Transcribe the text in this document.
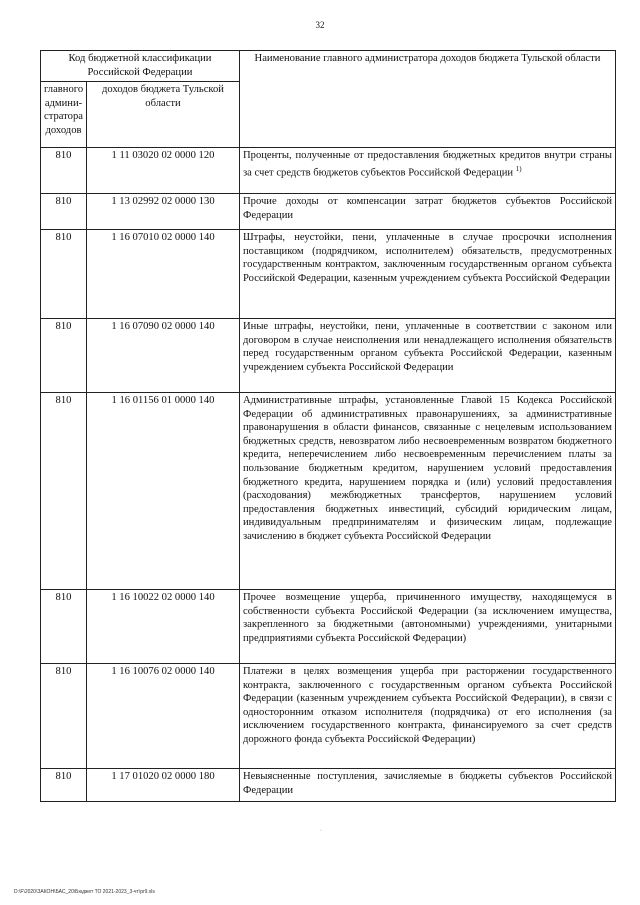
32
Код бюджетной классификации Российской Федерации		Наименование главного администратора доходов бюджета Тульской области
главного админи-стратора доходов	доходов бюджета Тульской области	
810	1 11 03020 02 0000 120	Проценты, полученные от предоставления бюджетных кредитов внутри страны за счет средств бюджетов субъектов Российской Федерации $^{1)}$
810	1 13 02992 02 0000 130	Прочие доходы от компенсации затрат бюджетов субъектов Российской Федерации
810	1 16 07010 02 0000 140	Штрафы, неустойки, пени, уплаченные в случае просрочки исполнения поставщиком (подрядчиком, исполнителем) обязательств, предусмотренных государственным контрактом, заключенным государственным органом субъекта Российской Федерации, казенным учреждением субъекта Российской Федерации
810	1 16 07090 02 0000 140	Иные штрафы, неустойки, пени, уплаченные в соответствии с законом или договором в случае неисполнения или ненадлежащего исполнения обязательств перед государственным органом субъекта Российской Федерации, казенным учреждением субъекта Российской Федерации
810	1 16 01156 01 0000 140	Административные штрафы, установленные Главой 15 Кодекса Российской Федерации об административных правонарушениях, за административные правонарушения в области финансов, связанные с нецелевым использованием бюджетных средств, невозвратом либо несвоевременным возвратом бюджетного кредита, неперечислением либо несвоевременным перечислением платы за пользование бюджетным кредитом, нарушением условий предоставления бюджетного кредита, нарушением порядка и (или) условий предоставления (расходования) межбюджетных трансфертов, нарушением условий предоставления бюджетных инвестиций, субсидий юридическим лицам, индивидуальным предпринимателям и физическим лицам, подлежащие зачислению в бюджет субъекта Российской Федерации
810	1 16 10022 02 0000 140	Прочее возмещение ущерба, причиненного имуществу, находящемуся в собственности субъекта Российской Федерации (за исключением имущества, закрепленного за бюджетными (автономными) учреждениями, унитарными предприятиями субъекта Российской Федерации)
810	1 16 10076 02 0000 140	Платежи в целях возмещения ущерба при расторжении государственного контракта, заключенного с государственным органом субъекта Российской Федерации (казенным учреждением субъекта Российской Федерации), в связи с односторонним отказом исполнителя (подрядчика) от его исполнения (за исключением государственного контракта, финансируемого за счет средств дорожного фонда субъекта Российской Федерации)
810	1 17 01020 02 0000 180	Невыясненные поступления, зачисляемые в бюджеты субъектов Российской Федерации
·
D:\F\2020\ЗАКОН\БАС_20\Бюджет ТО 2021-2023_3-чт\pr9.xls
